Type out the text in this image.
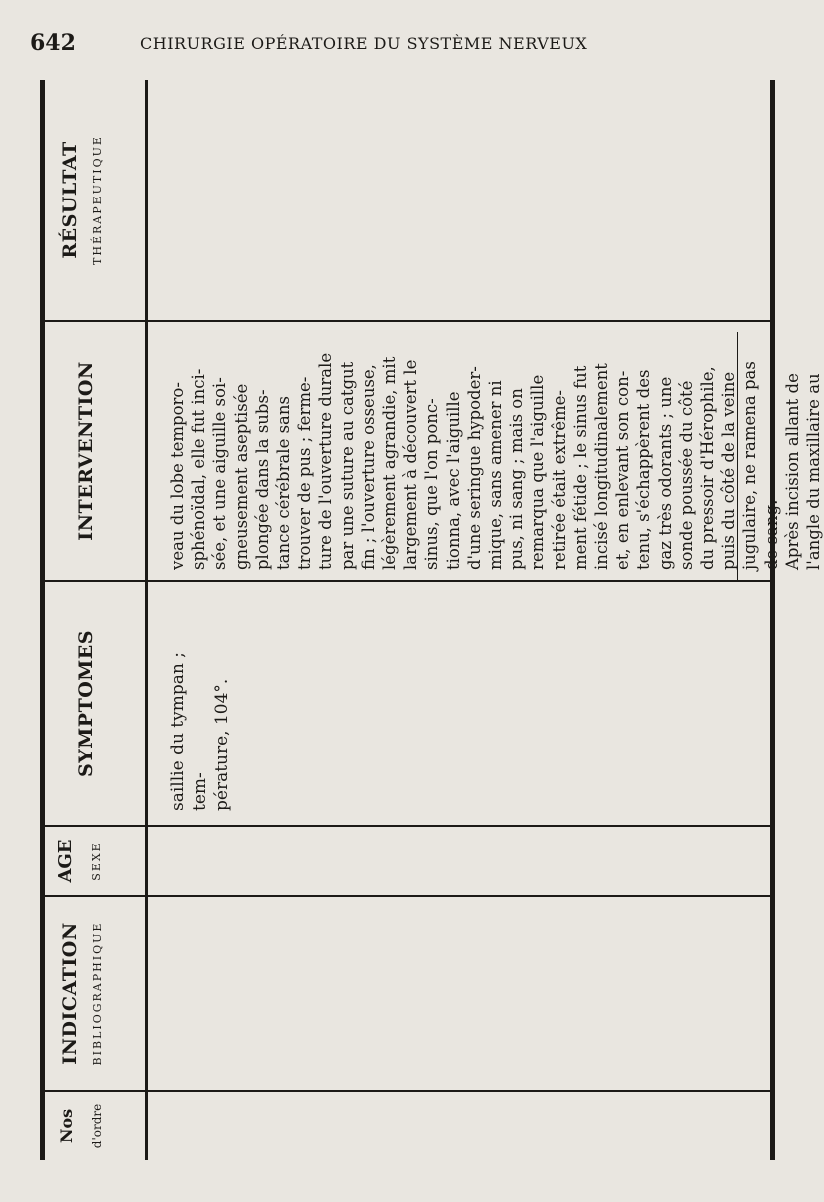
642	CHIRURGIE OPÉRATOIRE DU SYSTÈME NERVEUX
Nos d'ordre
INDICATION BIBLIOGRAPHIQUE
AGE SEXE
SYMPTOMES	saillie du tympan ; tem- pérature, 104°.
INTERVENTION	veau du lobe temporo- sphénoïdal, elle fut inci- sée, et une aiguille soi- gneusement aseptisée plongée dans la subs- tance cérébrale sans trouver de pus ; ferme- ture de l'ouverture durale par une suture au catgut fin ; l'ouverture osseuse, légèrement agrandie, mit largement à découvert le sinus, que l'on ponc- tionna, avec l'aiguille d'une seringue hypoder- mique, sans amener ni pus, ni sang ; mais on remarqua que l'aiguille retirée était extrême- ment fétide ; le sinus fut incisé longitudinalement et, en enlevant son con- tenu, s'échappèrent des gaz très odorants ; une sonde poussée du côté du pressoir d'Hérophile, puis du côté de la veine jugulaire, ne ramena pas de sang. Après incision allant de l'angle du maxillaire au
RÉSULTAT THÉRAPEUTIQUE
